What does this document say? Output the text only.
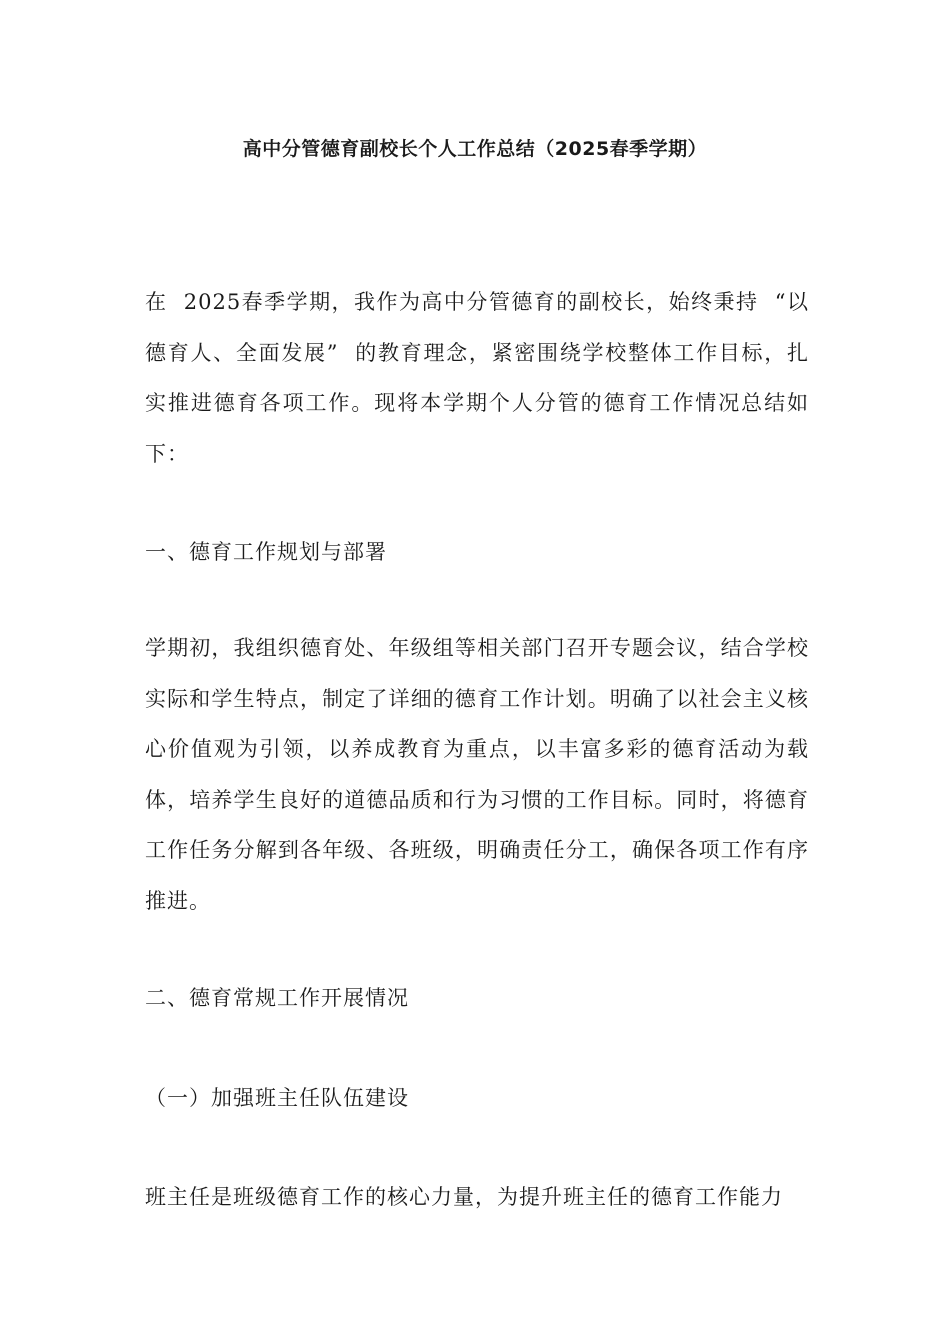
高中分管德育副校长个人工作总结（2025春季学期）

在  2025春季学期，我作为高中分管德育的副校长，始终秉持  “以德育人、全面发展”  的教育理念，紧密围绕学校整体工作目标，扎实推进德育各项工作。现将本学期个人分管的德育工作情况总结如下：

一、德育工作规划与部署

学期初，我组织德育处、年级组等相关部门召开专题会议，结合学校实际和学生特点，制定了详细的德育工作计划。明确了以社会主义核心价值观为引领，以养成教育为重点，以丰富多彩的德育活动为载体，培养学生良好的道德品质和行为习惯的工作目标。同时，将德育工作任务分解到各年级、各班级，明确责任分工，确保各项工作有序推进。

二、德育常规工作开展情况

（一）加强班主任队伍建设

班主任是班级德育工作的核心力量，为提升班主任的德育工作能力
